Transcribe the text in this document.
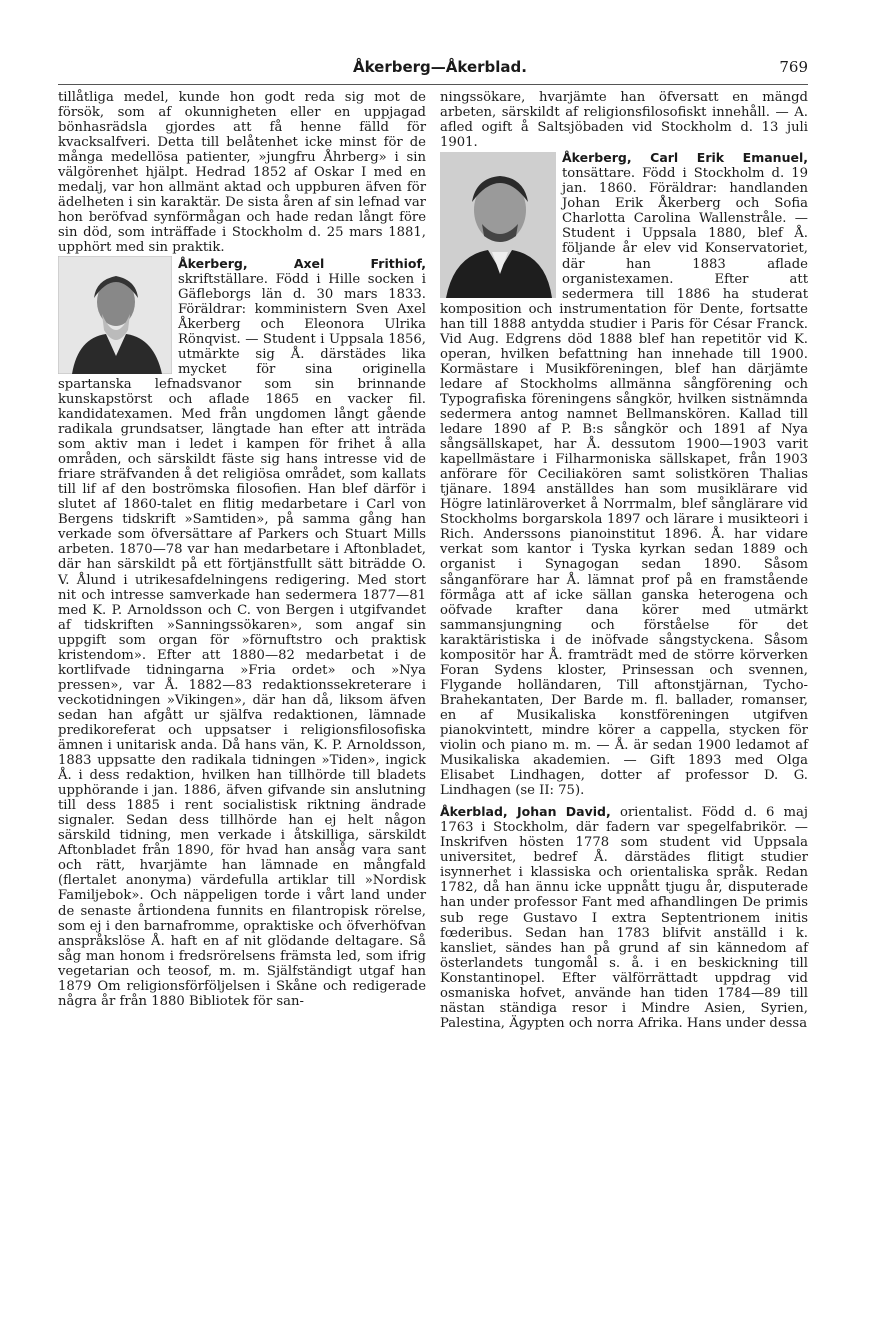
Åkerberg—Åkerblad.	769

tillåtliga medel, kunde hon godt reda sig mot de försök, som af okunnigheten eller en uppjagad bönhasrädsla gjordes att få henne fälld för kvacksalfveri. Detta till belåtenhet icke minst för de många medellösa patienter, »jungfru Åhrberg» i sin välgörenhet hjälpt. Hedrad 1852 af Oskar I med en medalj, var hon allmänt aktad och uppburen äfven för ädelheten i sin karaktär. De sista åren af sin lefnad var hon beröfvad synförmågan och hade redan långt före sin död, som inträffade i Stockholm d. 25 mars 1881, upphört med sin praktik.

Åkerberg, Axel Frithiof, skriftställare. Född i Hille socken i Gäfleborgs län d. 30 mars 1833. Föräldrar: komministern Sven Axel Åkerberg och Eleonora Ulrika Rönqvist. — Student i Uppsala 1856, utmärkte sig Å. därstädes lika mycket för sina originella spartanska lefnadsvanor som sin brinnande kunskapstörst och aflade 1865 en vacker fil. kandidatexamen. Med från ungdomen långt gående radikala grundsatser, längtade han efter att inträda som aktiv man i ledet i kampen för frihet å alla områden, och särskildt fäste sig hans intresse vid de friare sträfvanden å det religiösa området, som kallats till lif af den boströmska filosofien. Han blef därför i slutet af 1860-talet en flitig medarbetare i Carl von Bergens tidskrift »Samtiden», på samma gång han verkade som öfversättare af Parkers och Stuart Mills arbeten. 1870—78 var han medarbetare i Aftonbladet, där han särskildt på ett förtjänstfullt sätt biträdde O. V. Ålund i utrikesafdelningens redigering. Med stort nit och intresse samverkade han sedermera 1877—81 med K. P. Arnoldsson och C. von Bergen i utgifvandet af tidskriften »Sanningssökaren», som angaf sin uppgift som organ för »förnuftstro och praktisk kristendom». Efter att 1880—82 medarbetat i de kortlifvade tidningarna »Fria ordet» och »Nya pressen», var Å. 1882—83 redaktionssekreterare i veckotidningen »Vikingen», där han då, liksom äfven sedan han afgått ur själfva redaktionen, lämnade predikoreferat och uppsatser i religionsfilosofiska ämnen i unitarisk anda. Då hans vän, K. P. Arnoldsson, 1883 uppsatte den radikala tidningen »Tiden», ingick Å. i dess redaktion, hvilken han tillhörde till bladets upphörande i jan. 1886, äfven gifvande sin anslutning till dess 1885 i rent socialistisk riktning ändrade signaler. Sedan dess tillhörde han ej helt någon särskild tidning, men verkade i åtskilliga, särskildt Aftonbladet från 1890, för hvad han ansåg vara sant och rätt, hvarjämte han lämnade en mångfald (flertalet anonyma) värdefulla artiklar till »Nordisk Familjebok». Och näppeligen torde i vårt land under de senaste årtiondena funnits en filantropisk rörelse, som ej i den barnafromme, opraktiske och öfverhöfvan anspråkslöse Å. haft en af nit glödande deltagare. Så såg man honom i fredsrörelsens främsta led, som ifrig vegetarian och teosof, m. m. Själfständigt utgaf han 1879 Om religionsförföljelsen i Skåne och redigerade några år från 1880 Bibliotek för san-

ningssökare, hvarjämte han öfversatt en mängd arbeten, särskildt af religionsfilosofiskt innehåll. — A. afled ogift å Saltsjöbaden vid Stockholm d. 13 juli 1901.

Åkerberg, Carl Erik Emanuel,
tonsättare. Född i Stockholm d. 19 jan. 1860. Föräldrar: handlanden Johan Erik Åkerberg och Sofia Charlotta Carolina Wallenstråle. — Student i Uppsala 1880, blef Å. följande år elev vid Konservatoriet, där han 1883 aflade organistexamen. Efter att sedermera till 1886 ha studerat komposition och instrumentation för Dente, fortsatte han till 1888 antydda studier i Paris för César Franck. Vid Aug. Edgrens död 1888 blef han repetitör vid K. operan, hvilken befattning han innehade till 1900. Kormästare i Musikföreningen, blef han därjämte ledare af Stockholms allmänna sångförening och Typografiska föreningens sångkör, hvilken sistnämnda sedermera antog namnet Bellmanskören. Kallad till ledare 1890 af P. B:s sångkör och 1891 af Nya sångsällskapet, har Å. dessutom 1900—1903 varit kapellmästare i Filharmoniska sällskapet, från 1903 anförare för Ceciliakören samt solistkören Thalias tjänare. 1894 anställdes han som musiklärare vid Högre latinläroverket å Norrmalm, blef sånglärare vid Stockholms borgarskola 1897 och lärare i musikteori i Rich. Anderssons pianoinstitut 1896. Å. har vidare verkat som kantor i Tyska kyrkan sedan 1889 och organist i Synagogan sedan 1890. Såsom sånganförare har Å. lämnat prof på en framstående förmåga att af icke sällan ganska heterogena och oöfvade krafter dana körer med utmärkt sammansjungning och förståelse för det karaktäristiska i de inöfvade sångstyckena. Såsom kompositör har Å. framträdt med de större körverken Foran Sydens kloster, Prinsessan och svennen, Flygande holländaren, Till aftonstjärnan, Tycho-Brahekantaten, Der Barde m. fl. ballader, romanser, en af Musikaliska konstföreningen utgifven pianokvintett, mindre körer a cappella, stycken för violin och piano m. m. — Å. är sedan 1900 ledamot af Musikaliska akademien. — Gift 1893 med Olga Elisabet Lindhagen, dotter af professor D. G. Lindhagen (se II: 75).

Åkerblad, Johan David, orientalist. Född d. 6 maj 1763 i Stockholm, där fadern var spegelfabrikör. — Inskrifven hösten 1778 som student vid Uppsala universitet, bedref Å. därstädes flitigt studier isynnerhet i klassiska och orientaliska språk. Redan 1782, då han ännu icke uppnått tjugu år, disputerade han under professor Fant med afhandlingen De primis sub rege Gustavo I extra Septentrionem initis fœderibus. Sedan han 1783 blifvit anställd i k. kansliet, sändes han på grund af sin kännedom af österlandets tungomål s. å. i en beskickning till Konstantinopel. Efter välförrättadt uppdrag vid osmaniska hofvet, använde han tiden 1784—89 till nästan ständiga resor i Mindre Asien, Syrien, Palestina, Ägypten och norra Afrika. Hans under dessa
